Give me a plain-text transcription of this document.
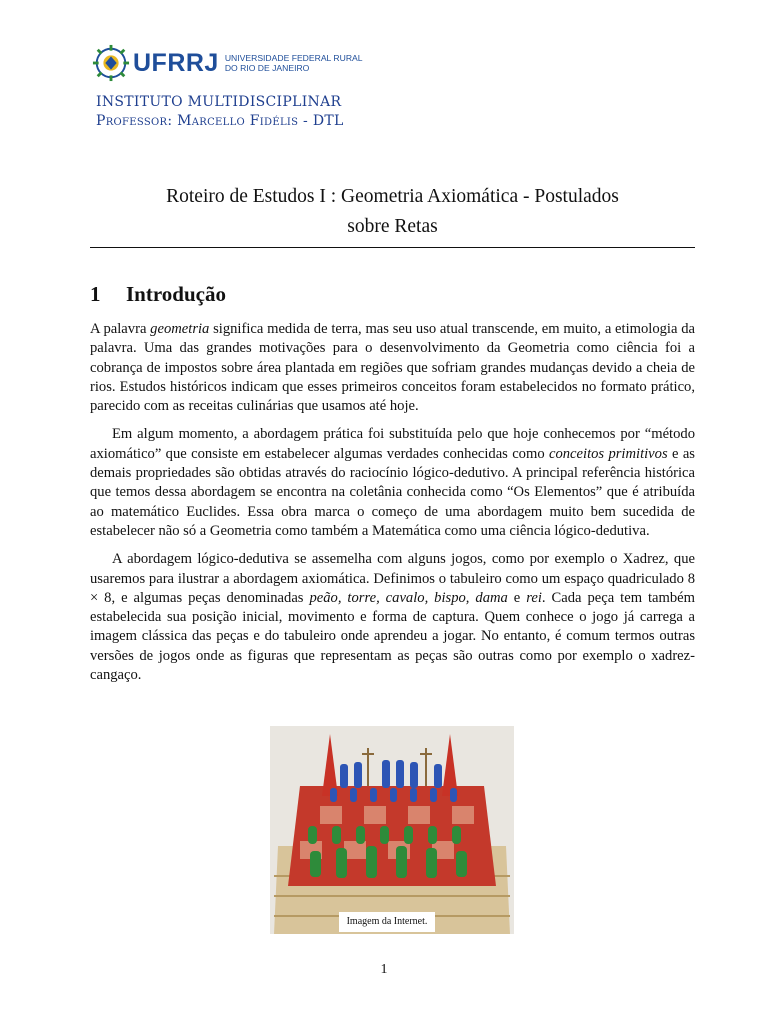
UFRRJ UNIVERSIDADE FEDERAL RURAL
DO RIO DE JANEIRO
INSTITUTO MULTIDISCIPLINAR
Professor: Marcello Fidélis - DTL
Roteiro de Estudos I : Geometria Axiomática - Postulados
sobre Retas
1 Introdução

A palavra geometria significa medida de terra, mas seu uso atual transcende, em muito, a etimologia da palavra. Uma das grandes motivações para o desenvolvimento da Geometria como ciência foi a cobrança de impostos sobre área plantada em regiões que sofriam grandes mudanças devido a cheia de rios. Estudos históricos indicam que esses primeiros conceitos foram estabelecidos no formato prático, parecido com as receitas culinárias que usamos até hoje.

Em algum momento, a abordagem prática foi substituída pelo que hoje conhecemos por “método axiomático” que consiste em estabelecer algumas verdades conhecidas como conceitos primitivos e as demais propriedades são obtidas através do raciocínio lógico-dedutivo. A principal referência histórica que temos dessa abordagem se encontra na coletânia conhecida como “Os Elementos” que é atribuída ao matemático Euclides. Essa obra marca o começo de uma abordagem muito bem sucedida de estabelecer não só a Geometria como também a Matemática como uma ciência lógico-dedutiva.

A abordagem lógico-dedutiva se assemelha com alguns jogos, como por exemplo o Xadrez, que usaremos para ilustrar a abordagem axiomática. Definimos o tabuleiro como um espaço quadriculado 8 × 8, e algumas peças denominadas peão, torre, cavalo, bispo, dama e rei. Cada peça tem também estabelecida sua posição inicial, movimento e forma de captura. Quem conhece o jogo já carrega a imagem clássica das peças e do tabuleiro onde aprendeu a jogar. No entanto, é comum termos outras versões de jogos onde as figuras que representam as peças são outras como por exemplo o xadrez-cangaço.

Imagem da Internet.
1
